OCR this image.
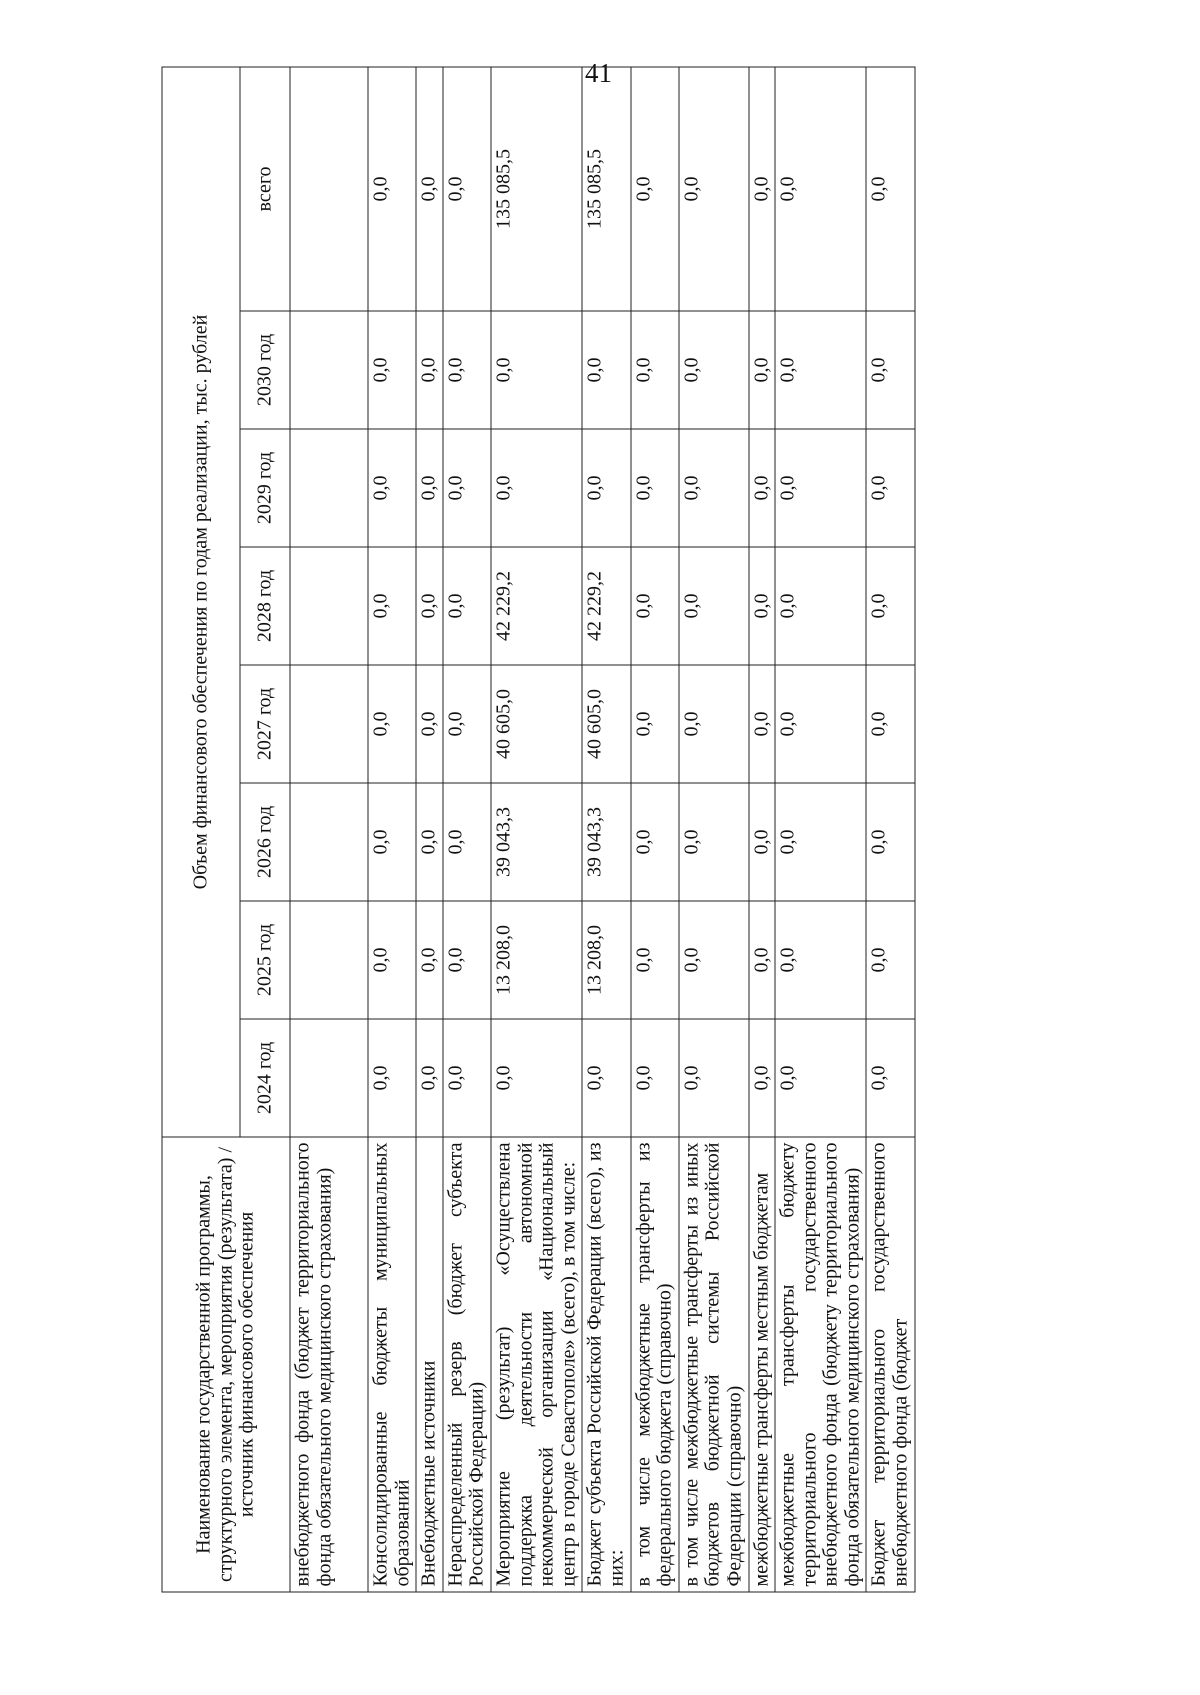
41
Наименование государственной программы, структурного элемента, мероприятия (результата) / источник финансового обеспечения	Объем финансового обеспечения по годам реализации, тыс. рублей							
	2024 год	2025 год	2026 год	2027 год	2028 год	2029 год	2030 год	всего
внебюджетного фонда (бюджет территориального фонда обязательного медицинского страхования)								
Консолидированные бюджеты муниципальных образований	0,0	0,0	0,0	0,0	0,0	0,0	0,0	0,0
Внебюджетные источники	0,0	0,0	0,0	0,0	0,0	0,0	0,0	0,0
Нераспределенный резерв (бюджет субъекта Российской Федерации)	0,0	0,0	0,0	0,0	0,0	0,0	0,0	0,0
Мероприятие (результат) «Осуществлена поддержка деятельности автономной некоммерческой организации «Национальный центр в городе Севастополе» (всего), в том числе:	0,0	13 208,0	39 043,3	40 605,0	42 229,2	0,0	0,0	135 085,5
Бюджет субъекта Российской Федерации (всего), из них:	0,0	13 208,0	39 043,3	40 605,0	42 229,2	0,0	0,0	135 085,5
в том числе межбюджетные трансферты из федерального бюджета (справочно)	0,0	0,0	0,0	0,0	0,0	0,0	0,0	0,0
в том числе межбюджетные трансферты из иных бюджетов бюджетной системы Российской Федерации (справочно)	0,0	0,0	0,0	0,0	0,0	0,0	0,0	0,0
межбюджетные трансферты местным бюджетам	0,0	0,0	0,0	0,0	0,0	0,0	0,0	0,0
межбюджетные трансферты бюджету территориального государственного внебюджетного фонда (бюджету территориального фонда обязательного медицинского страхования)	0,0	0,0	0,0	0,0	0,0	0,0	0,0	0,0
Бюджет территориального государственного внебюджетного фонда (бюджет	0,0	0,0	0,0	0,0	0,0	0,0	0,0	0,0
